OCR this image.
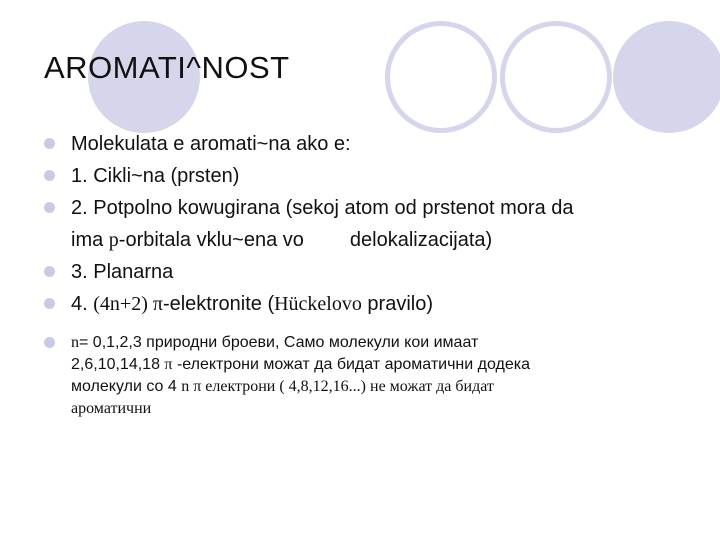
AROMATI^NOST
Molekulata e aromati~na ako e:
1. Cikli~na (prsten)
2. Potpolno kowugirana (sekoj atom od prstenot mora da
ima p-orbitala vklu~ena vo delokalizacijata)
3. Planarna
4. (4n+2) π-elektronite (Hückelovo pravilo)
n= 0,1,2,3 природни броеви, Само молекули кои имаат
2,6,10,14,18 π -електрони можат да бидат ароматични додека
молекули со 4 n π електрони ( 4,8,12,16...) не можат да бидат
ароматични
